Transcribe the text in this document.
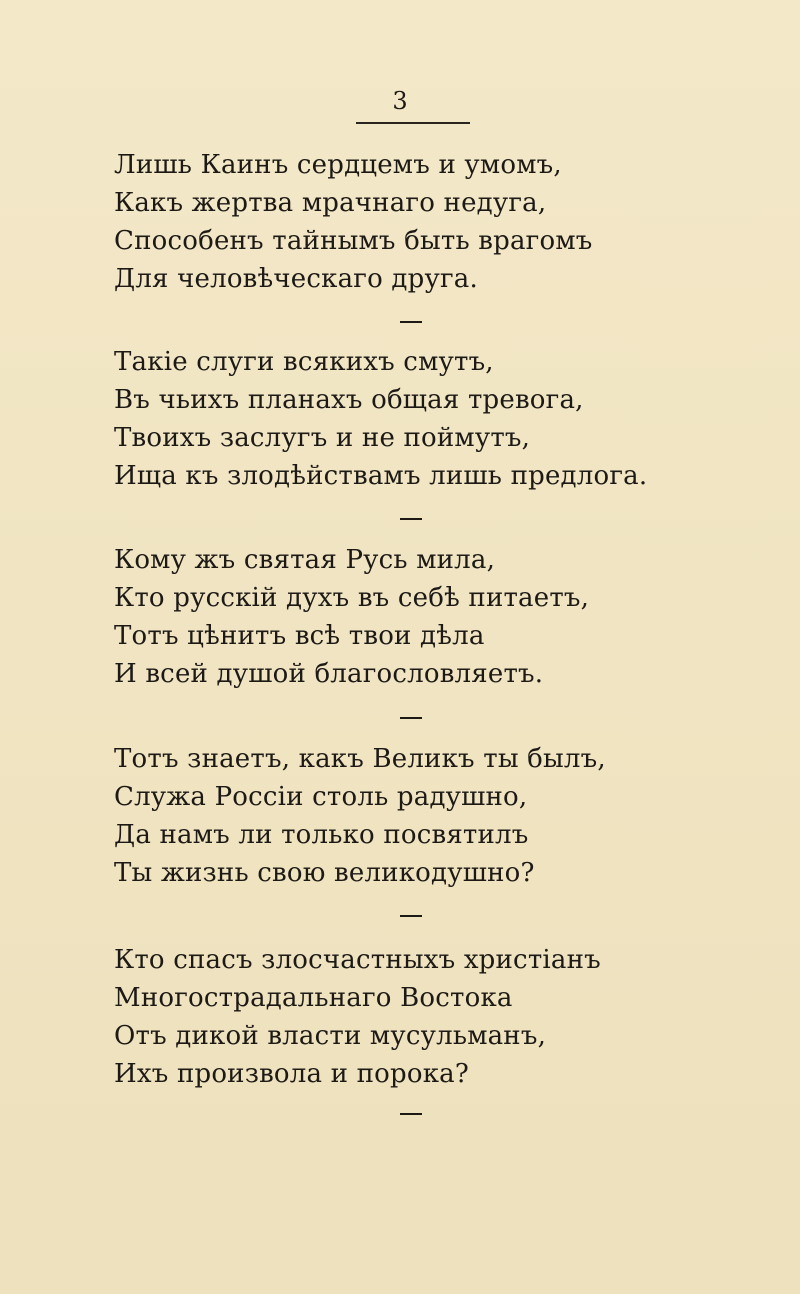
3
Лишь Каинъ сердцемъ и умомъ,
Какъ жертва мрачнаго недуга,
Способенъ тайнымъ быть врагомъ
Для человѣческаго друга.
Такіе слуги всякихъ смутъ,
Въ чьихъ планахъ общая тревога,
Твоихъ заслугъ и не поймутъ,
Ища къ злодѣйствамъ лишь предлога.
Кому жъ святая Русь мила,
Кто русскій духъ въ себѣ питаетъ,
Тотъ цѣнитъ всѣ твои дѣла
И всей душой благословляетъ.
Тотъ знаетъ, какъ Великъ ты былъ,
Служа Россіи столь радушно,
Да намъ ли только посвятилъ
Ты жизнь свою великодушно?
Кто спасъ злосчастныхъ христіанъ
Многострадальнаго Востока
Отъ дикой власти мусульманъ,
Ихъ произвола и порока?
